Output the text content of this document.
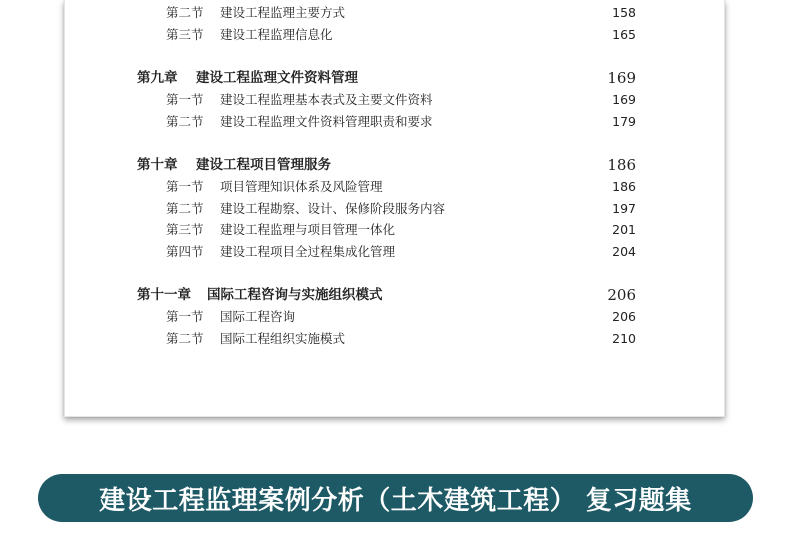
第二节 建设工程监理主要方式	158
第三节 建设工程监理信息化	165
第九章 建设工程监理文件资料管理	169
第一节 建设工程监理基本表式及主要文件资料	169
第二节 建设工程监理文件资料管理职责和要求	179
第十章 建设工程项目管理服务	186
第一节 项目管理知识体系及风险管理	186
第二节 建设工程勘察、设计、保修阶段服务内容	197
第三节 建设工程监理与项目管理一体化	201
第四节 建设工程项目全过程集成化管理	204
第十一章 国际工程咨询与实施组织模式	206
第一节 国际工程咨询	206
第二节 国际工程组织实施模式	210
建设工程监理案例分析（土木建筑工程） 复习题集
